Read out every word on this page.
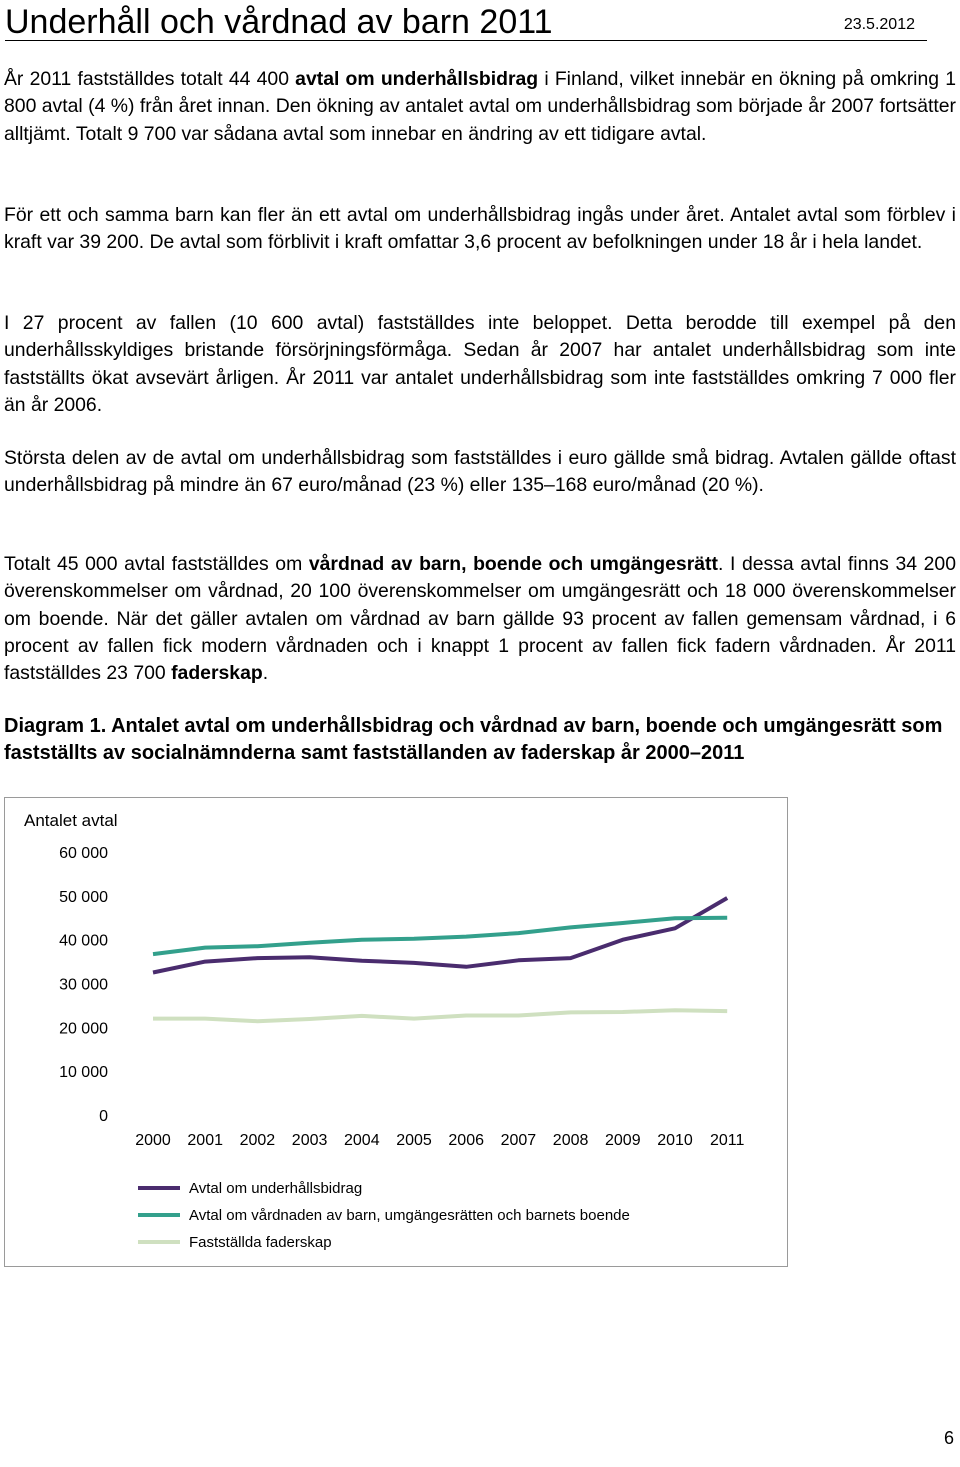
Underhåll och vårdnad av barn 2011	23.5.2012

År 2011 fastställdes totalt 44 400 avtal om underhållsbidrag i Finland, vilket innebär en ökning på omkring 1 800 avtal (4 %) från året innan. Den ökning av antalet avtal om underhållsbidrag som började år 2007 fortsätter alltjämt. Totalt 9 700 var sådana avtal som innebar en ändring av ett tidigare avtal.

För ett och samma barn kan fler än ett avtal om underhållsbidrag ingås under året. Antalet avtal som förblev i kraft var 39 200. De avtal som förblivit i kraft omfattar 3,6 procent av befolkningen under 18 år i hela landet.

I 27 procent av fallen (10 600 avtal) fastställdes inte beloppet. Detta berodde till exempel på den underhållsskyldiges bristande försörjningsförmåga. Sedan år 2007 har antalet underhållsbidrag som inte fastställts ökat avsevärt årligen. År 2011 var antalet underhållsbidrag som inte fastställdes omkring 7 000 fler än år 2006.

Största delen av de avtal om underhållsbidrag som fastställdes i euro gällde små bidrag. Avtalen gällde oftast underhållsbidrag på mindre än 67 euro/månad (23 %) eller 135–168 euro/månad (20 %).

Totalt 45 000 avtal fastställdes om vårdnad av barn, boende och umgängesrätt. I dessa avtal finns 34 200 överenskommelser om vårdnad, 20 100 överenskommelser om umgängesrätt och 18 000 överenskommelser om boende. När det gäller avtalen om vårdnad av barn gällde 93 procent av fallen gemensam vårdnad, i 6 procent av fallen fick modern vårdnaden och i knappt 1 procent av fallen fick fadern vårdnaden. År 2011 fastställdes 23 700 faderskap.

Diagram 1. Antalet avtal om underhållsbidrag och vårdnad av barn, boende och umgängesrätt som fastställts av socialnämnderna samt fastställanden av faderskap år 2000–2011
Antalet avtal
0
10 000
20 000
30 000
40 000
50 000
60 000
2000 2001 2002 2003 2004 2005 2006 2007 2008 2009 2010 2011
Avtal om underhållsbidrag
Avtal om vårdnaden av barn, umgängesrätten och barnets boende
Fastställda faderskap
6
